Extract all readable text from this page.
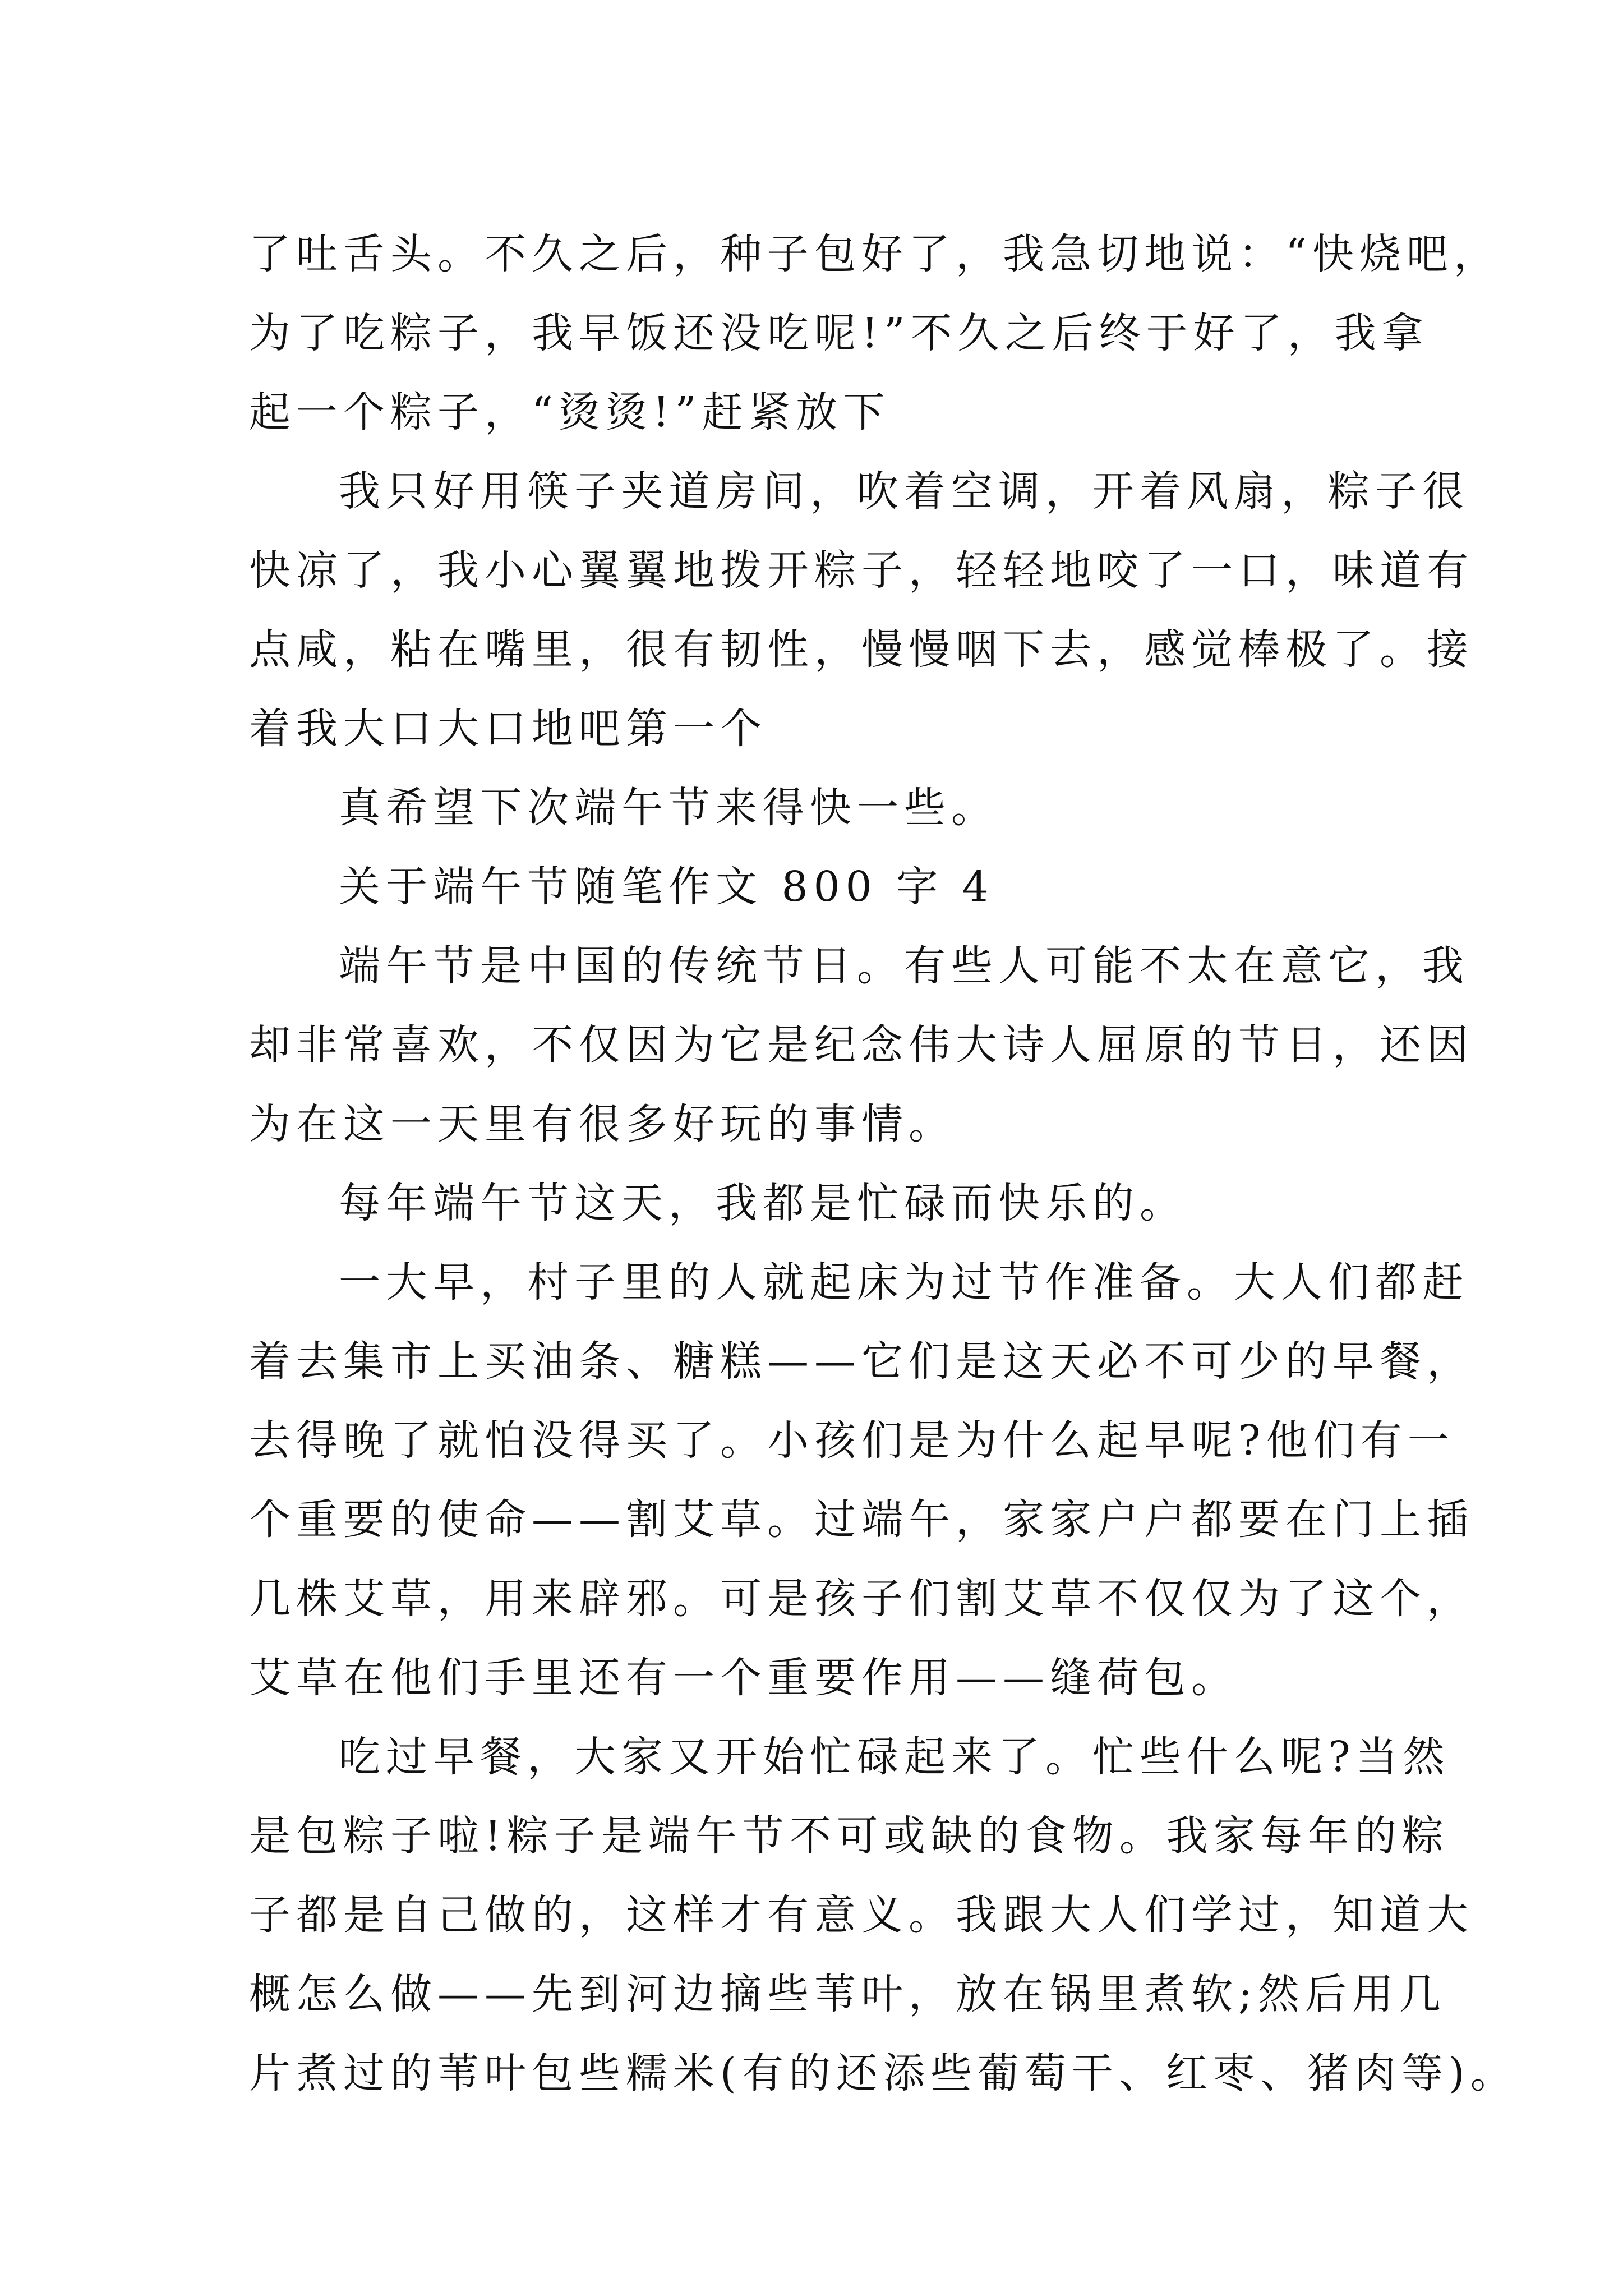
了吐舌头。不久之后，种子包好了，我急切地说：“快烧吧，
为了吃粽子，我早饭还没吃呢!”不久之后终于好了，我拿
起一个粽子，“烫烫!”赶紧放下
我只好用筷子夹道房间，吹着空调，开着风扇，粽子很
快凉了，我小心翼翼地拨开粽子，轻轻地咬了一口，味道有
点咸，粘在嘴里，很有韧性，慢慢咽下去，感觉棒极了。接
着我大口大口地吧第一个
真希望下次端午节来得快一些。
关于端午节随笔作文 800 字 4
端午节是中国的传统节日。有些人可能不太在意它，我
却非常喜欢，不仅因为它是纪念伟大诗人屈原的节日，还因
为在这一天里有很多好玩的事情。
每年端午节这天，我都是忙碌而快乐的。
一大早，村子里的人就起床为过节作准备。大人们都赶
着去集市上买油条、糖糕——它们是这天必不可少的早餐，
去得晚了就怕没得买了。小孩们是为什么起早呢?他们有一
个重要的使命——割艾草。过端午，家家户户都要在门上插
几株艾草，用来辟邪。可是孩子们割艾草不仅仅为了这个，
艾草在他们手里还有一个重要作用——缝荷包。
吃过早餐，大家又开始忙碌起来了。忙些什么呢?当然
是包粽子啦!粽子是端午节不可或缺的食物。我家每年的粽
子都是自己做的，这样才有意义。我跟大人们学过，知道大
概怎么做——先到河边摘些苇叶，放在锅里煮软;然后用几
片煮过的苇叶包些糯米(有的还添些葡萄干、红枣、猪肉等)。
